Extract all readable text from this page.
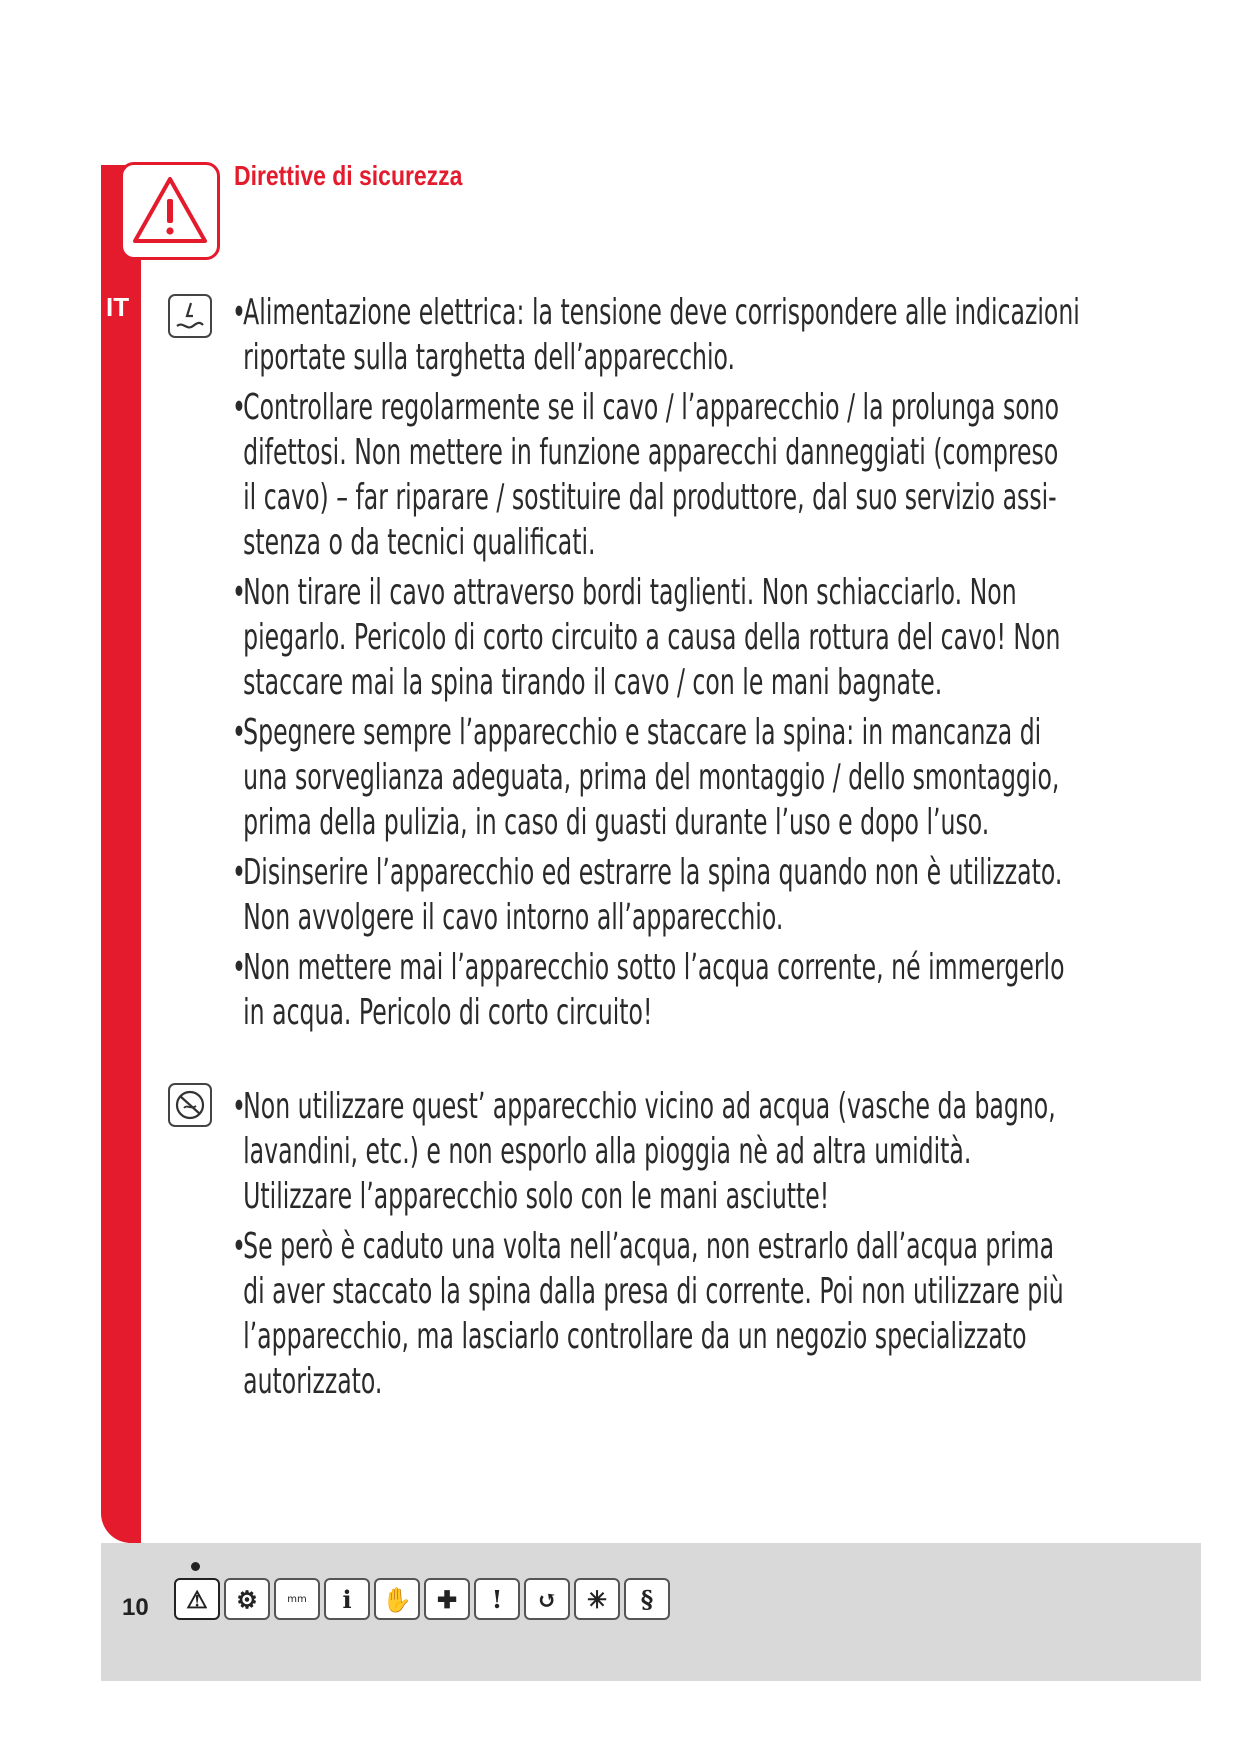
Direttive di sicurezza
IT	•
Alimentazione elettrica: la tensione deve corrispondere alle indicazioni
riportate sulla targhetta dell’apparecchio.
•
Controllare regolarmente se il cavo / l’apparecchio / la prolunga sono
difettosi. Non mettere in funzione apparecchi danneggiati (compreso
il cavo) – far riparare / sostituire dal produttore, dal suo servizio assi-
stenza o da tecnici qualificati.
•
Non tirare il cavo attraverso bordi taglienti. Non schiacciarlo. Non
piegarlo. Pericolo di corto circuito a causa della rottura del cavo! Non
staccare mai la spina tirando il cavo / con le mani bagnate.
•
Spegnere sempre l’apparecchio e staccare la spina: in mancanza di
una sorveglianza adeguata, prima del montaggio / dello smontaggio,
prima della pulizia, in caso di guasti durante l’uso e dopo l’uso.
•
Disinserire l’apparecchio ed estrarre la spina quando non è utilizzato.
Non avvolgere il cavo intorno all’apparecchio.
•
Non mettere mai l’apparecchio sotto l’acqua corrente, né immergerlo
in acqua. Pericolo di corto circuito!
•
Non utilizzare quest’ apparecchio vicino ad acqua (vasche da bagno,
lavandini, etc.) e non esporlo alla pioggia nè ad altra umidità.
Utilizzare l’apparecchio solo con le mani asciutte!
•
Se però è caduto una volta nell’acqua, non estrarlo dall’acqua prima
di aver staccato la spina dalla presa di corrente. Poi non utilizzare più
l’apparecchio, ma lasciarlo controllare da un negozio specializzato
autorizzato.
10	⚠	⚙	mm	i	✋	✚	!	↺	✳	§
